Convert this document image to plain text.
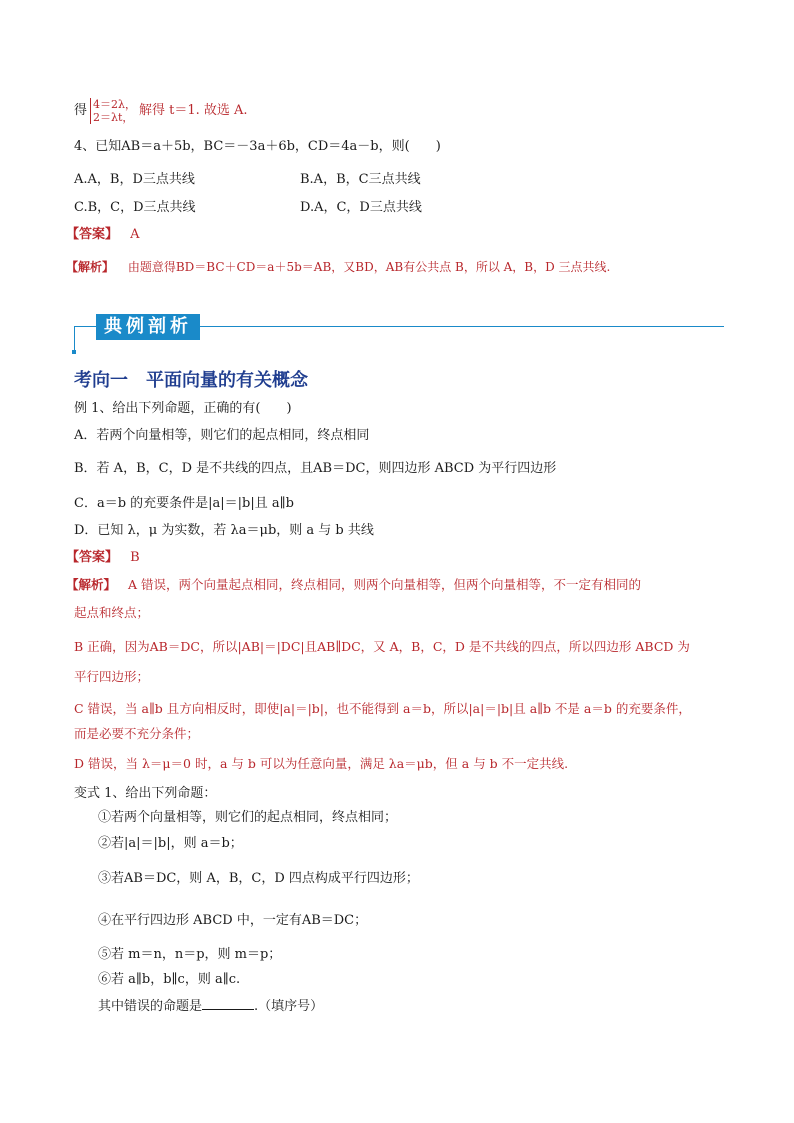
得 4＝2λ，
2＝λt， 解得 t＝1. 故选 A.
4、已知AB＝a＋5b，BC＝－3a＋6b，CD＝4a－b，则(　　)
A.A，B，D三点共线	B.A，B，C三点共线
C.B，C，D三点共线	D.A，C，D三点共线
【答案】 A
【解析】 由题意得BD＝BC＋CD＝a＋5b＝AB，又BD，AB有公共点 B，所以 A，B，D 三点共线.
典例剖析
考向一　平面向量的有关概念
例 1、给出下列命题，正确的有(　　)
A．若两个向量相等，则它们的起点相同，终点相同
B．若 A，B，C，D 是不共线的四点，且AB＝DC，则四边形 ABCD 为平行四边形
C．a＝b 的充要条件是|a|＝|b|且 a∥b
D．已知 λ，μ 为实数，若 λa＝μb，则 a 与 b 共线
【答案】 B
【解析】 A 错误，两个向量起点相同，终点相同，则两个向量相等，但两个向量相等，不一定有相同的
起点和终点；
B 正确，因为AB＝DC，所以|AB|＝|DC|且AB∥DC，又 A，B，C，D 是不共线的四点，所以四边形 ABCD 为
平行四边形；
C 错误，当 a∥b 且方向相反时，即使|a|＝|b|，也不能得到 a＝b，所以|a|＝|b|且 a∥b 不是 a＝b 的充要条件，
而是必要不充分条件；
D 错误，当 λ＝μ＝0 时，a 与 b 可以为任意向量，满足 λa＝μb，但 a 与 b 不一定共线.
变式 1、给出下列命题：
①若两个向量相等，则它们的起点相同，终点相同；
②若|a|＝|b|，则 a＝b；
③若AB＝DC，则 A，B，C，D 四点构成平行四边形；
④在平行四边形 ABCD 中，一定有AB＝DC；
⑤若 m＝n，n＝p，则 m＝p；
⑥若 a∥b，b∥c，则 a∥c.
其中错误的命题是	.（填序号）
